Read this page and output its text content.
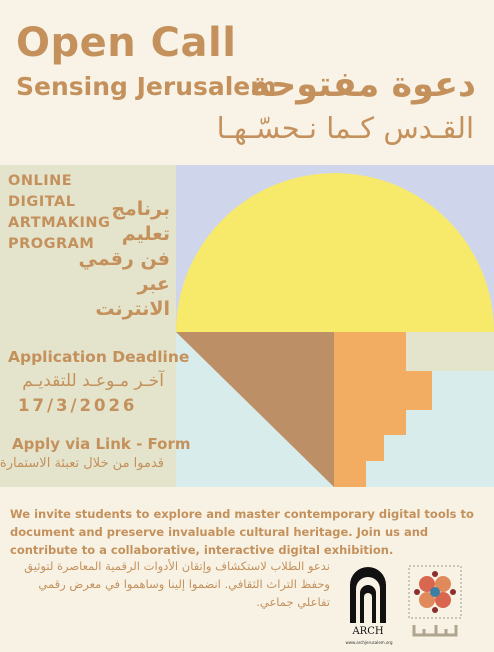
Open Call
Sensing Jerusalem
دعوة مفتوحة
القـدس كـما نـحسّـهـا
ONLINE
DIGITAL
ARTMAKING
PROGRAM
برنامج
تعليم
فن رقمي
عبر
الانترنت
Application Deadline
آخـر مـوعـد للتقديـم
17/3/2026
Apply via Link - Form
قدموا من خلال تعبئة الاستمارة
We invite students to explore and master contemporary digital tools to document and preserve invaluable cultural heritage. Join us and contribute to a collaborative, interactive digital exhibition.
ندعو الطلاب لاستكشاف وإتقان الأدوات الرقمية المعاصرة لتوثيق وحفظ التراث الثقافي. انضموا إلينا وساهموا في معرض رقمي تفاعلي جماعي.
ARCH
www.archjerusalem.org
